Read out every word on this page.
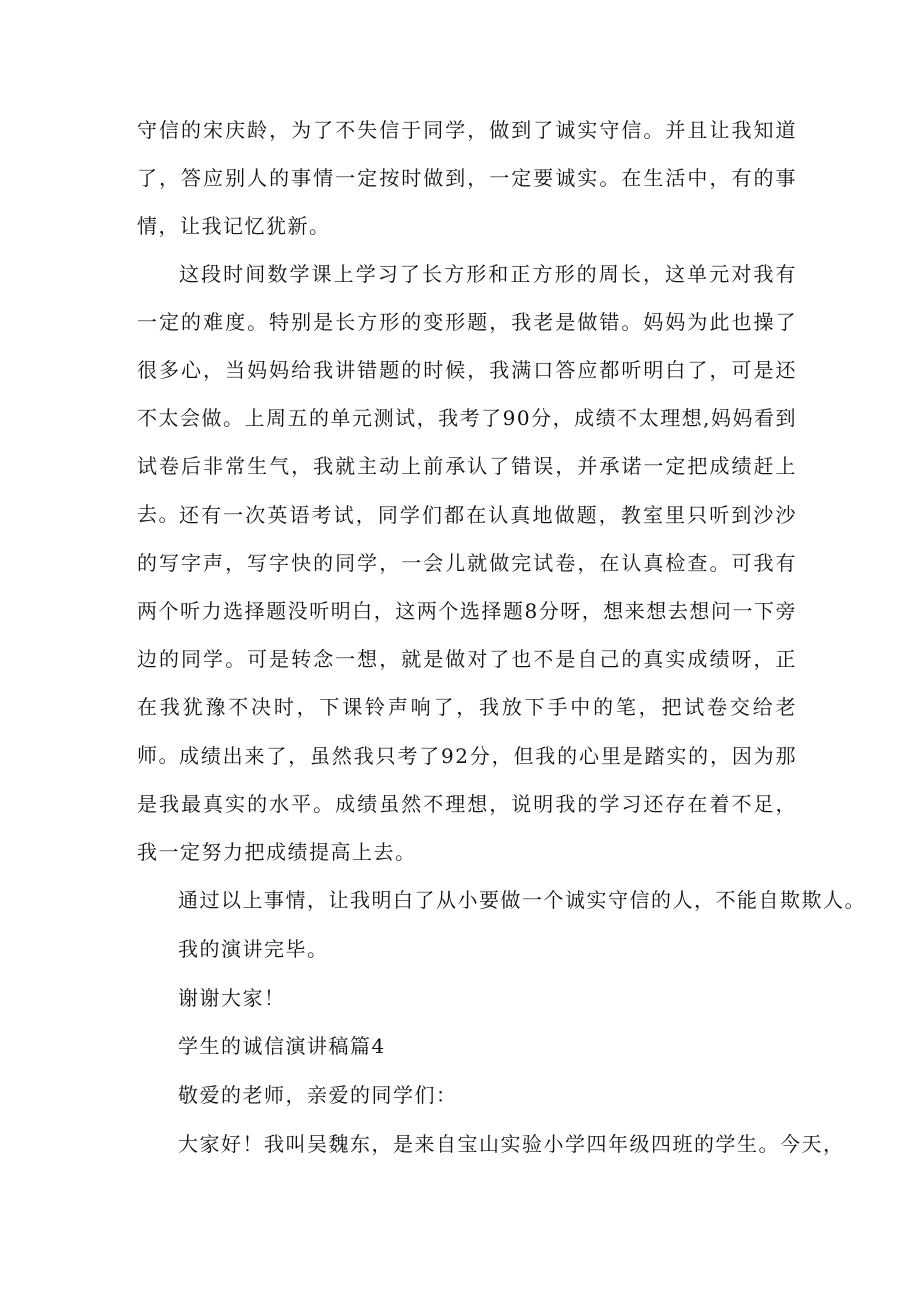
守信的宋庆龄，为了不失信于同学，做到了诚实守信。并且让我知道了，答应别人的事情一定按时做到，一定要诚实。在生活中，有的事情，让我记忆犹新。

这段时间数学课上学习了长方形和正方形的周长，这单元对我有一定的难度。特别是长方形的变形题，我老是做错。妈妈为此也操了很多心，当妈妈给我讲错题的时候，我满口答应都听明白了，可是还不太会做。上周五的单元测试，我考了90分，成绩不太理想,妈妈看到试卷后非常生气，我就主动上前承认了错误，并承诺一定把成绩赶上去。 还有一次英语考试，同学们都在认真地做题，教室里只听到沙沙的写字声，写字快的同学，一会儿就做完试卷，在认真检查。可我有两个听力选择题没听明白，这两个选择题8分呀，想来想去想问一下旁边的同学。可是转念一想，就是做对了也不是自己的真实成绩呀，正在我犹豫不决时，下课铃声响了，我放下手中的笔，把试卷交给老师。 成绩出来了，虽然我只考了92分，但我的心里是踏实的，因为那是我最真实的水平。成绩虽然不理想，说明我的学习还存在着不足，我一定努力把成绩提高上去。

通过以上事情，让我明白了从小要做一个诚实守信的人，不能自欺欺人。

我的演讲完毕。

谢谢大家！

学生的诚信演讲稿篇4

敬爱的老师，亲爱的同学们：

大家好！我叫吴魏东，是来自宝山实验小学四年级四班的学生。今天，
